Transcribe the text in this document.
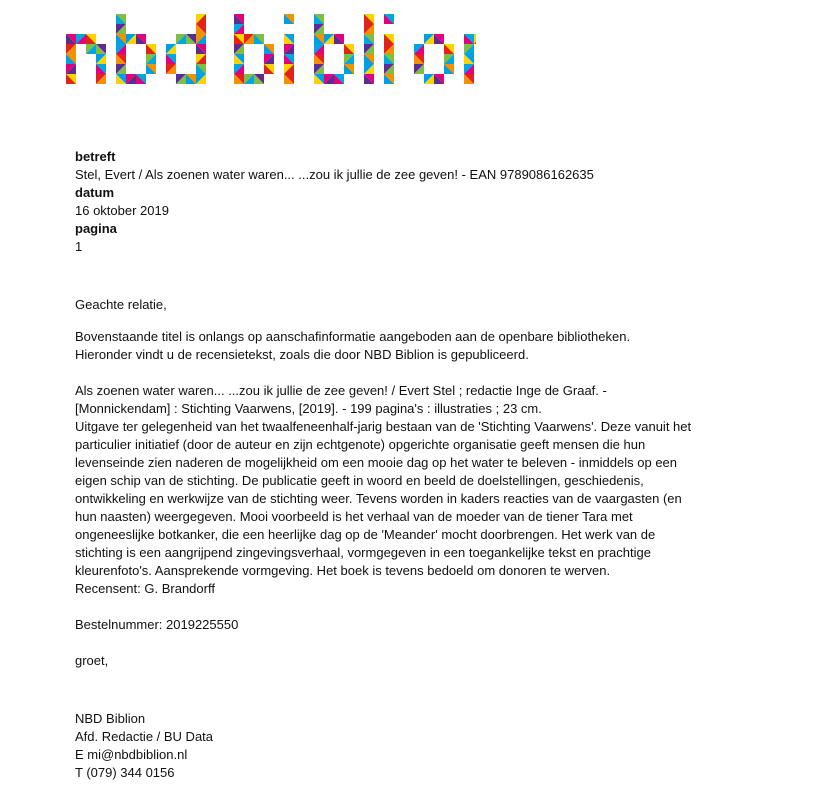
betreft
Stel, Evert / Als zoenen water waren... ...zou ik jullie de zee geven! - EAN 9789086162635
datum
16 oktober 2019
pagina
1
Geachte relatie,
Bovenstaande titel is onlangs op aanschafinformatie aangeboden aan de openbare bibliotheken.
Hieronder vindt u de recensietekst, zoals die door NBD Biblion is gepubliceerd.
Als zoenen water waren... ...zou ik jullie de zee geven! / Evert Stel ; redactie Inge de Graaf. -
[Monnickendam] : Stichting Vaarwens, [2019]. - 199 pagina's : illustraties ; 23 cm.
Uitgave ter gelegenheid van het twaalfeneenhalf-jarig bestaan van de 'Stichting Vaarwens'. Deze vanuit het
particulier initiatief (door de auteur en zijn echtgenote) opgerichte organisatie geeft mensen die hun
levenseinde zien naderen de mogelijkheid om een mooie dag op het water te beleven - inmiddels op een
eigen schip van de stichting. De publicatie geeft in woord en beeld de doelstellingen, geschiedenis,
ontwikkeling en werkwijze van de stichting weer. Tevens worden in kaders reacties van de vaargasten (en
hun naasten) weergegeven. Mooi voorbeeld is het verhaal van de moeder van de tiener Tara met
ongeneeslijke botkanker, die een heerlijke dag op de 'Meander' mocht doorbrengen. Het werk van de
stichting is een aangrijpend zingevingsverhaal, vormgegeven in een toegankelijke tekst en prachtige
kleurenfoto's. Aansprekende vormgeving. Het boek is tevens bedoeld om donoren te werven.
Recensent: G. Brandorff
Bestelnummer: 2019225550
groet,
NBD Biblion
Afd. Redactie / BU Data
E mi@nbdbiblion.nl
T (079) 344 0156
